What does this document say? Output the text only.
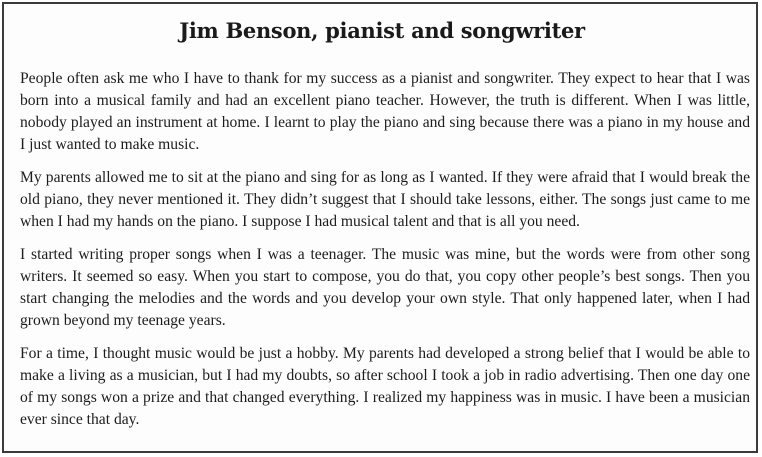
Jim Benson, pianist and songwriter

People often ask me who I have to thank for my success as a pianist and songwriter. They expect to hear that I was born into a musical family and had an excellent piano teacher. However, the truth is different. When I was little, nobody played an instrument at home. I learnt to play the piano and sing because there was a piano in my house and I just wanted to make music.

My parents allowed me to sit at the piano and sing for as long as I wanted. If they were afraid that I would break the old piano, they never mentioned it. They didn’t suggest that I should take lessons, either. The songs just came to me when I had my hands on the piano. I suppose I had musical talent and that is all you need.

I started writing proper songs when I was a teenager. The music was mine, but the words were from other song writers. It seemed so easy. When you start to compose, you do that, you copy other people’s best songs. Then you start changing the melodies and the words and you develop your own style. That only happened later, when I had grown beyond my teenage years.

For a time, I thought music would be just a hobby. My parents had developed a strong belief that I would be able to make a living as a musician, but I had my doubts, so after school I took a job in radio advertising. Then one day one of my songs won a prize and that changed everything. I realized my happiness was in music. I have been a musician ever since that day.
